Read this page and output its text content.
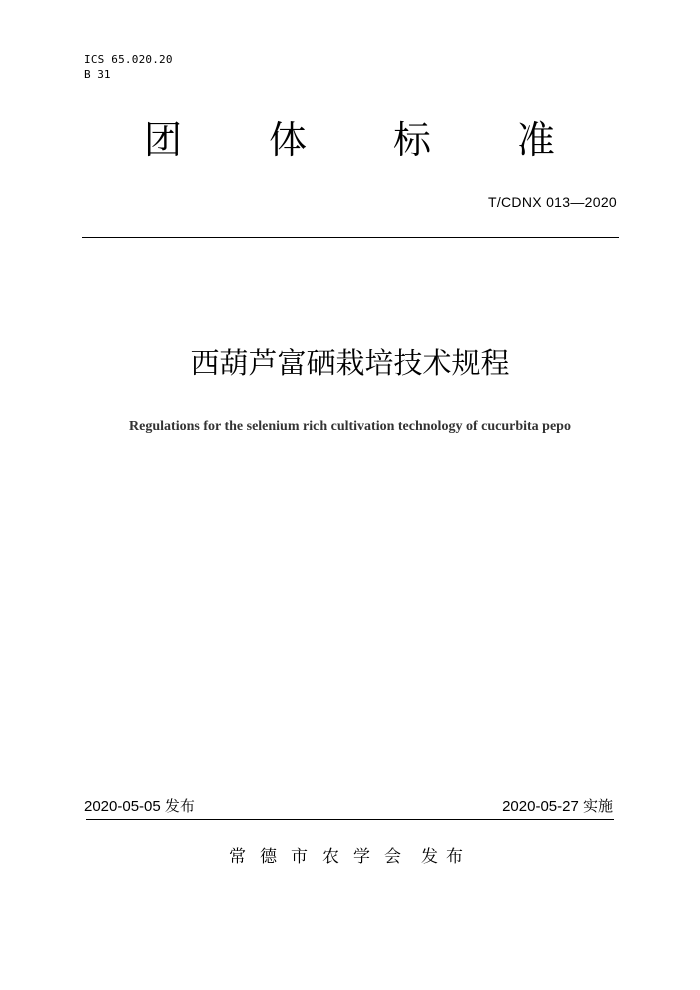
ICS 65.020.20
B 31
团 体 标 准
T/CDNX 013—2020
西葫芦富硒栽培技术规程
Regulations for the selenium rich cultivation technology of cucurbita pepo
2020-05-05 发布	2020-05-27 实施
常德市农学会 发布
